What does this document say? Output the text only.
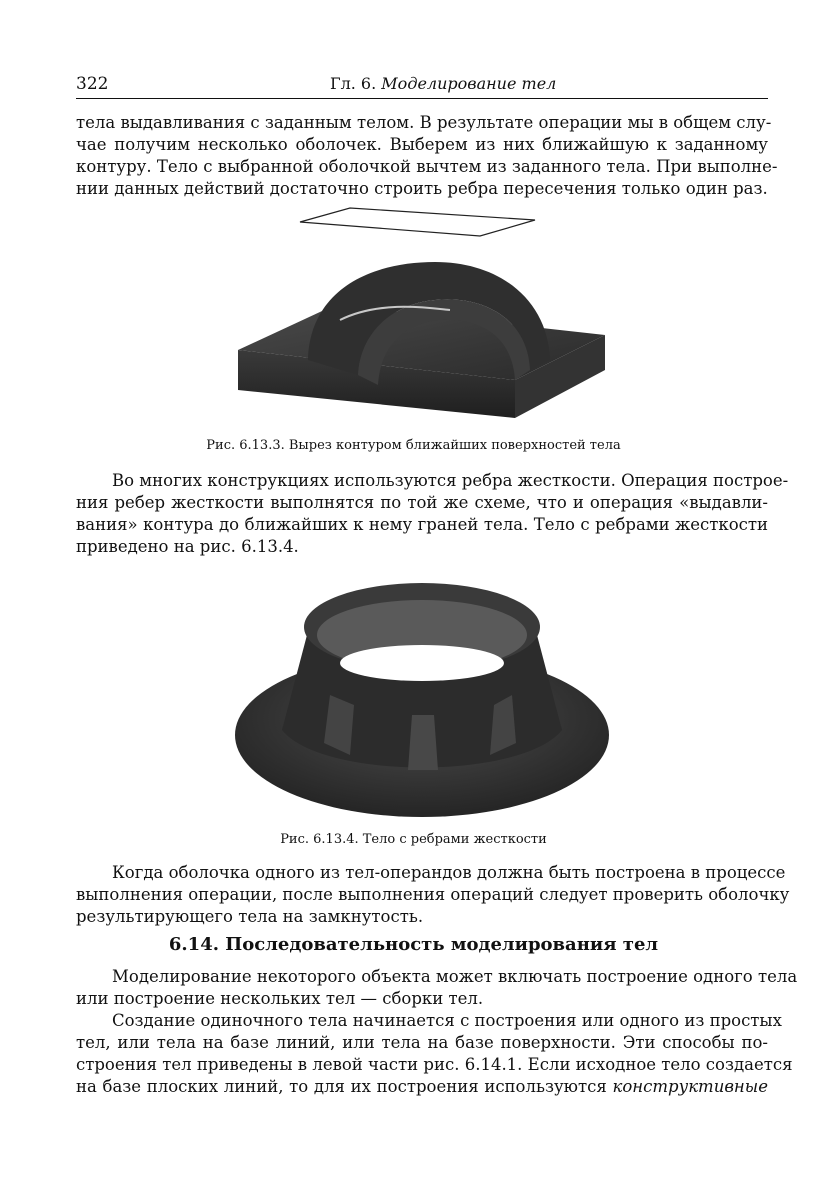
322	Гл. 6. Моделирование тел

тела выдавливания с заданным телом. В результате операции мы в общем слу-
чае получим несколько оболочек. Выберем из них ближайшую к заданному
контуру. Тело с выбранной оболочкой вычтем из заданного тела. При выполне-
нии данных действий достаточно строить ребра пересечения только один раз.

Рис. 6.13.3. Вырез контуром ближайших поверхностей тела

Во многих конструкциях используются ребра жесткости. Операция построе-
ния ребер жесткости выполнятся по той же схеме, что и операция «выдавли-
вания» контура до ближайших к нему граней тела. Тело с ребрами жесткости
приведено на рис. 6.13.4.

Рис. 6.13.4. Тело с ребрами жесткости

Когда оболочка одного из тел-операндов должна быть построена в процессе
выполнения операции, после выполнения операций следует проверить оболочку
результирующего тела на замкнутость.

6.14. Последовательность моделирования тел

Моделирование некоторого объекта может включать построение одного тела
или построение нескольких тел — сборки тел.

Создание одиночного тела начинается с построения или одного из простых
тел, или тела на базе линий, или тела на базе поверхности. Эти способы по-
строения тел приведены в левой части рис. 6.14.1. Если исходное тело создается
на базе плоских линий, то для их построения используются конструктивные
